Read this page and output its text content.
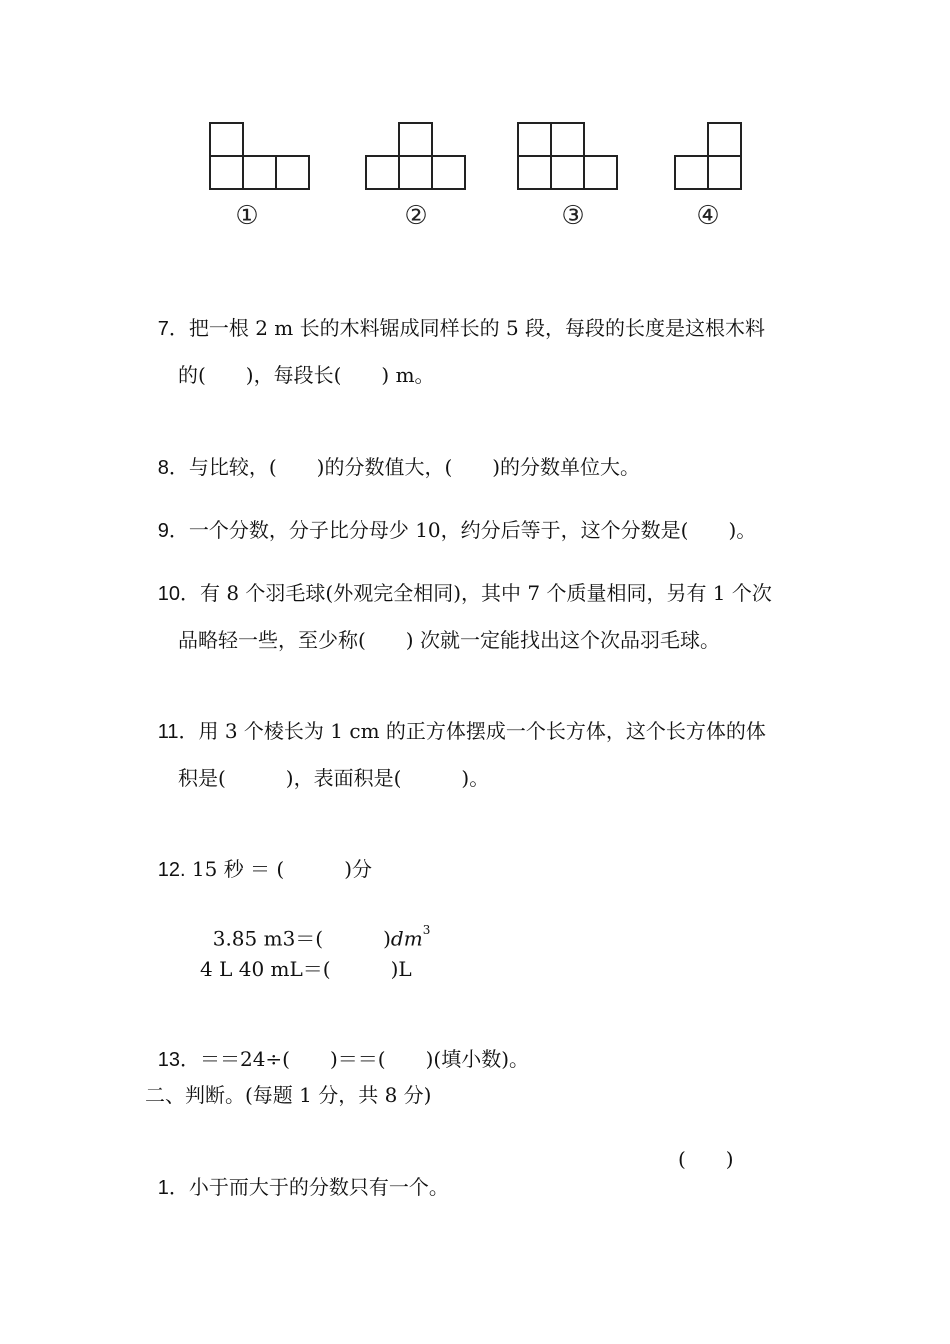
①	②	③	④

7．把一根 2 m 长的木料锯成同样长的 5 段，每段的长度是这根木料

的(　　)，每段长(　　) m。

8．与比较，(　　)的分数值大，(　　)的分数单位大。

9．一个分数，分子比分母少 10，约分后等于，这个分数是(　　)。

10．有 8 个羽毛球(外观完全相同)，其中 7 个质量相同，另有 1 个次

品略轻一些，至少称(　　) 次就一定能找出这个次品羽毛球。

11．用 3 个棱长为 1 cm 的正方体摆成一个长方体，这个长方体的体

积是(　　　)，表面积是(　　　)。

12. 15 秒 ＝ (　　　)分

3.85 m3＝(　　　)$dm^3$

4 L 40 mL＝(　　　)L

13．＝＝24÷(　　)＝＝(　　)(填小数)。

二、判断。(每题 1 分，共 8 分)

1．小于而大于的分数只有一个。

(　　)
